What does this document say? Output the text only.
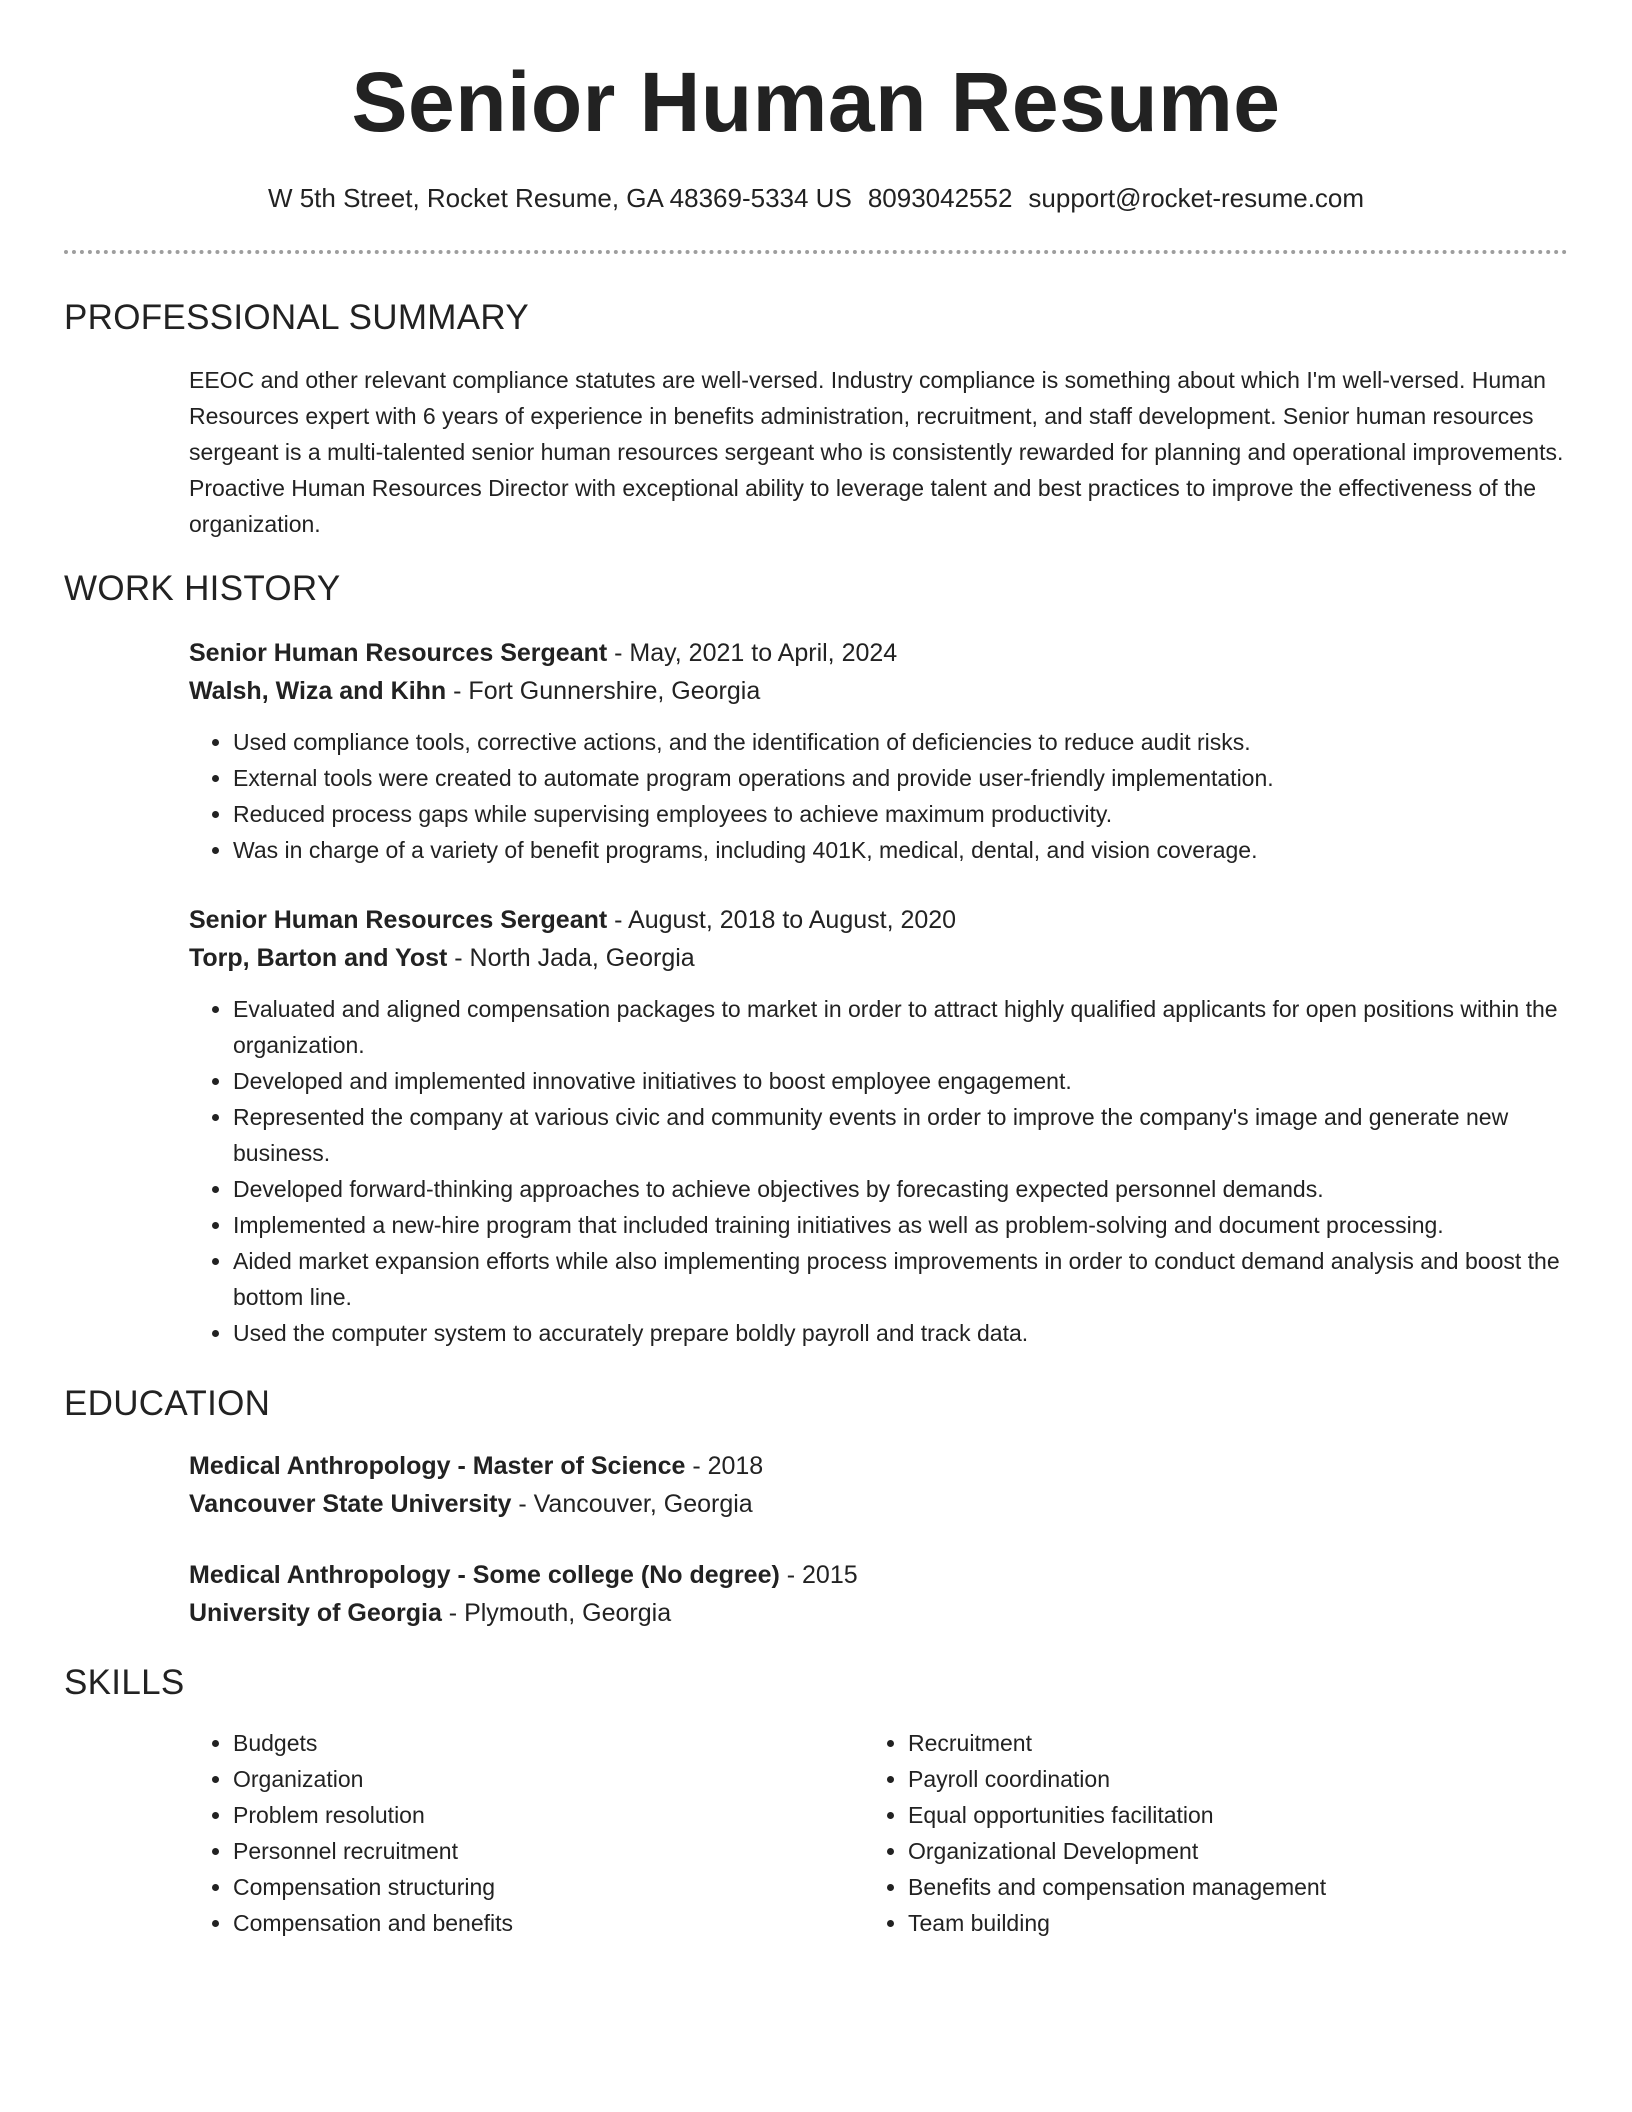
Senior Human Resume
W 5th Street, Rocket Resume, GA 48369-5334 US 8093042552 support@rocket-resume.com
PROFESSIONAL SUMMARY
EEOC and other relevant compliance statutes are well-versed. Industry compliance is something about which I'm well-versed. Human Resources expert with 6 years of experience in benefits administration, recruitment, and staff development. Senior human resources sergeant is a multi-talented senior human resources sergeant who is consistently rewarded for planning and operational improvements. Proactive Human Resources Director with exceptional ability to leverage talent and best practices to improve the effectiveness of the organization.
WORK HISTORY
Senior Human Resources Sergeant - May, 2021 to April, 2024
Walsh, Wiza and Kihn - Fort Gunnershire, Georgia
• Used compliance tools, corrective actions, and the identification of deficiencies to reduce audit risks.
• External tools were created to automate program operations and provide user-friendly implementation.
• Reduced process gaps while supervising employees to achieve maximum productivity.
• Was in charge of a variety of benefit programs, including 401K, medical, dental, and vision coverage.
Senior Human Resources Sergeant - August, 2018 to August, 2020
Torp, Barton and Yost - North Jada, Georgia
• Evaluated and aligned compensation packages to market in order to attract highly qualified applicants for open positions within the organization.
• Developed and implemented innovative initiatives to boost employee engagement.
• Represented the company at various civic and community events in order to improve the company's image and generate new business.
• Developed forward-thinking approaches to achieve objectives by forecasting expected personnel demands.
• Implemented a new-hire program that included training initiatives as well as problem-solving and document processing.
• Aided market expansion efforts while also implementing process improvements in order to conduct demand analysis and boost the bottom line.
• Used the computer system to accurately prepare boldly payroll and track data.
EDUCATION
Medical Anthropology - Master of Science - 2018
Vancouver State University - Vancouver, Georgia
Medical Anthropology - Some college (No degree) - 2015
University of Georgia - Plymouth, Georgia
SKILLS
• Budgets
• Organization
• Problem resolution
• Personnel recruitment
• Compensation structuring
• Compensation and benefits
• Recruitment
• Payroll coordination
• Equal opportunities facilitation
• Organizational Development
• Benefits and compensation management
• Team building
